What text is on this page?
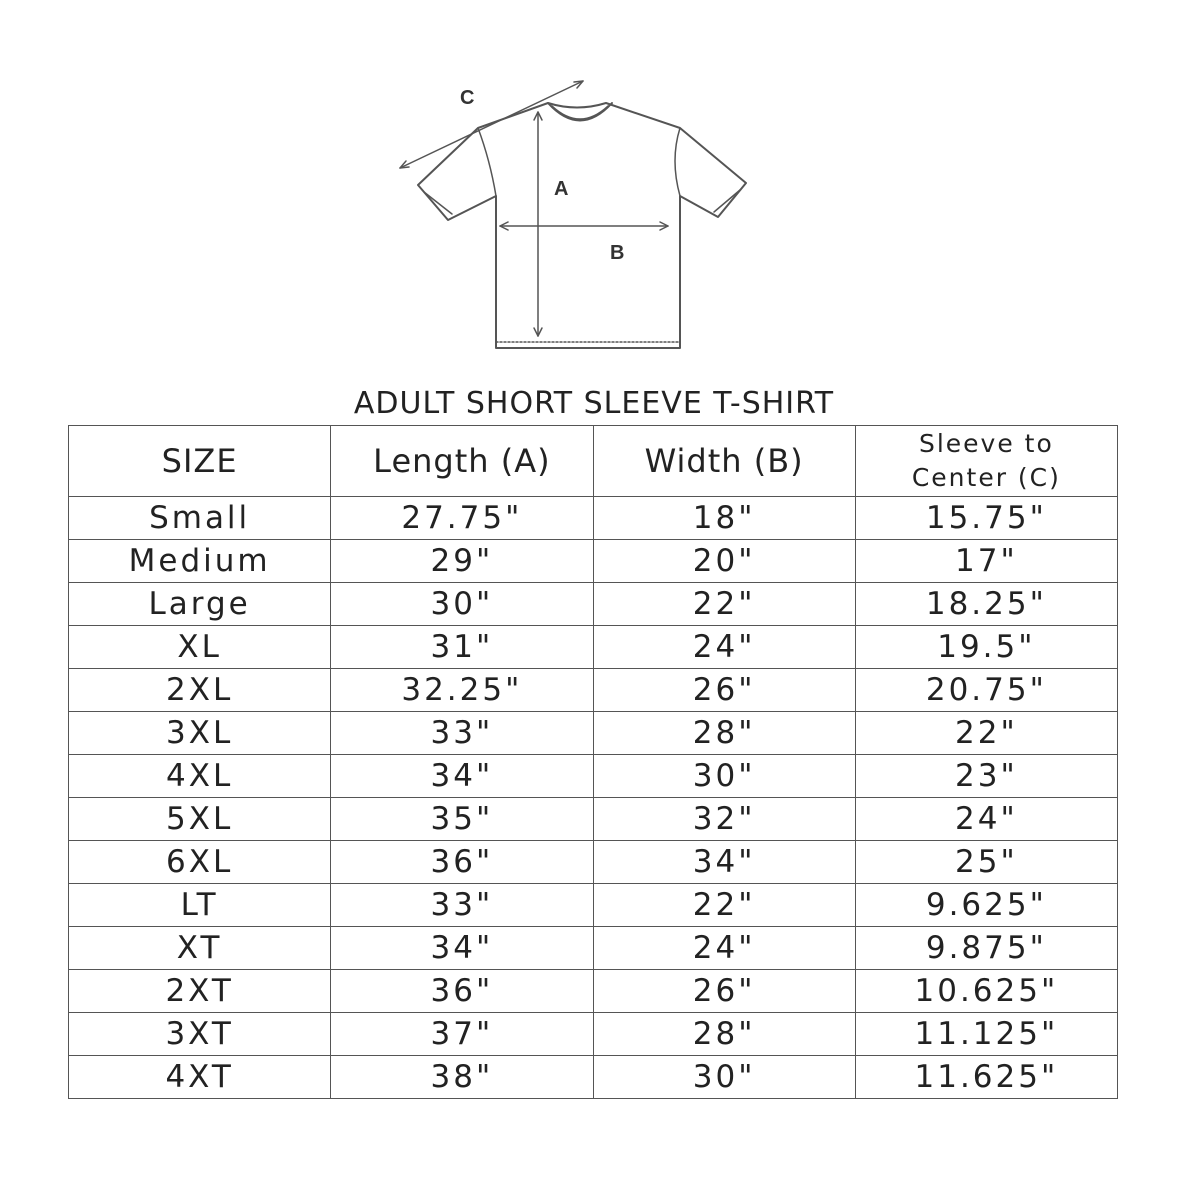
A
B
C
ADULT SHORT SLEEVE T-SHIRT
SIZE	Length (A)	Width (B)	Sleeve to
Center (C)

Small	27.75"	18"	15.75"
Medium	29"	20"	17"
Large	30"	22"	18.25"
XL	31"	24"	19.5"
2XL	32.25"	26"	20.75"
3XL	33"	28"	22"
4XL	34"	30"	23"
5XL	35"	32"	24"
6XL	36"	34"	25"
LT	33"	22"	9.625"
XT	34"	24"	9.875"
2XT	36"	26"	10.625"
3XT	37"	28"	11.125"
4XT	38"	30"	11.625"
